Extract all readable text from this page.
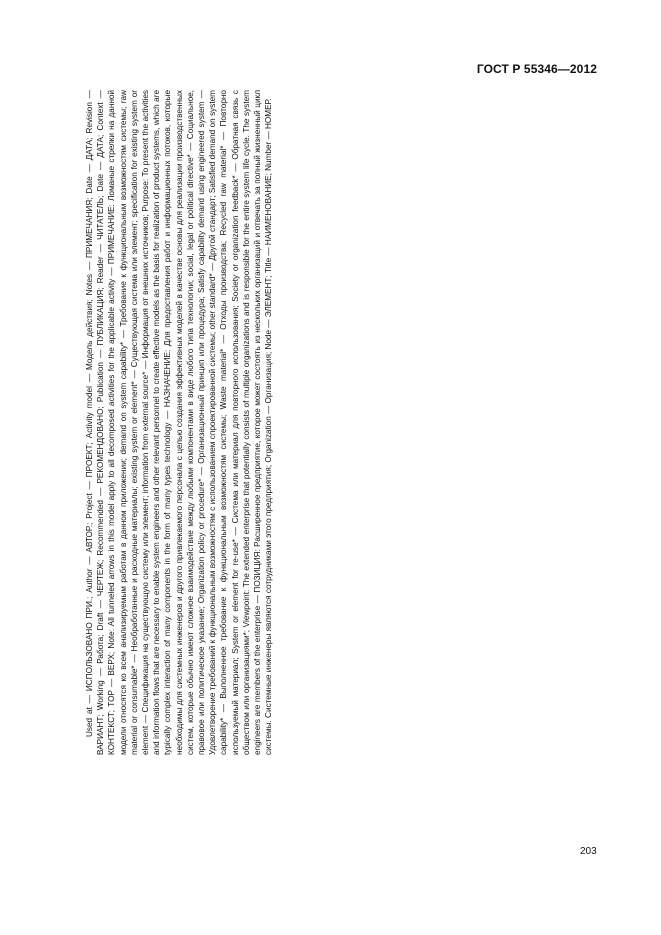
ГОСТ Р 55346—2012

Used at — ИСПОЛЬЗОВАНО ПРИ.; Author — АВТОР.; Project — ПРОЕКТ; Activity model — Модель действия; Notes — ПРИМЕЧАНИЯ; Date — ДАТА; Revision — ВАРИАНТ; Working — Работа; Draft — ЧЕРТЕЖ; Recommended — РЕКОМЕНДОВАНО; Publication — ПУБЛИКАЦИЯ; Reader — ЧИТАТЕЛЬ; Date — ДАТА; Context — КОНТЕКСТ; TOP — ВЕРХ; Note: All tunneled arrows in this model apply to all decomposed activities for the applicable activity — ПРИМЕЧАНИЕ: Ломаные стрелки на данной модели относятся ко всем анализируемым работам в данном приложении; demand on system capability* — Требование к функциональным возможностям системы; raw material or consumable* — Необработанные и расходные материалы; existing system or element* — Существующая система или элемент; specification for existing system or element — Спецификация на существующую систему или элемент; information from external source* — Информация от внешних источников; Purpose: To present the activities and information flows that are necessary to enable system engineers and other relevant personnel to create effective models as the basis for realization of product systems, which are typically complex interaction of many components in the form of many types technology — НАЗНАЧЕНИЕ: Для предоставления работ и информационных потоков, которые необходимы для системных инженеров и другого привлекаемого персонала с целью создания эффективных моделей в качестве основы для реализации производственных систем, которые обычно имеют сложное взаимодействие между любыми компонентами в виде любого типа технологии; social, legal or political directive* — Социальное, правовое или политическое указание; Organization policy or procedure* — Организационный принцип или процедура; Satisfy capability demand using engineered system — Удовлетворение требований к функциональным возможностям с использованием спроектированной системы; other standard* — Другой стандарт; Satisfied demand on system capability* — Выполненное требование к функциональным возможностям системы; Waste material* — Отходы производства; Recycled raw material* — Повторно используемый материал; System or element for re-use* — Система или материал для повторного использования; Society or organization feedback* — Обратная связь с обществом или организациями*; Viewpoint: The extended enterprise that potentially consists of multiple organizations and is responsible for the entire system life cycle. The system engineers are members of the enterprise — ПОЗИЦИЯ: Расширенное предприятие, которое может состоять из нескольких организаций и отвечать за полный жизненный цикл системы. Системные инженеры являются сотрудниками этого предприятия; Organization — Организация; Node — ЭЛЕМЕНТ; Title — НАИМЕНОВАНИЕ; Number — НОМЕР.

203
